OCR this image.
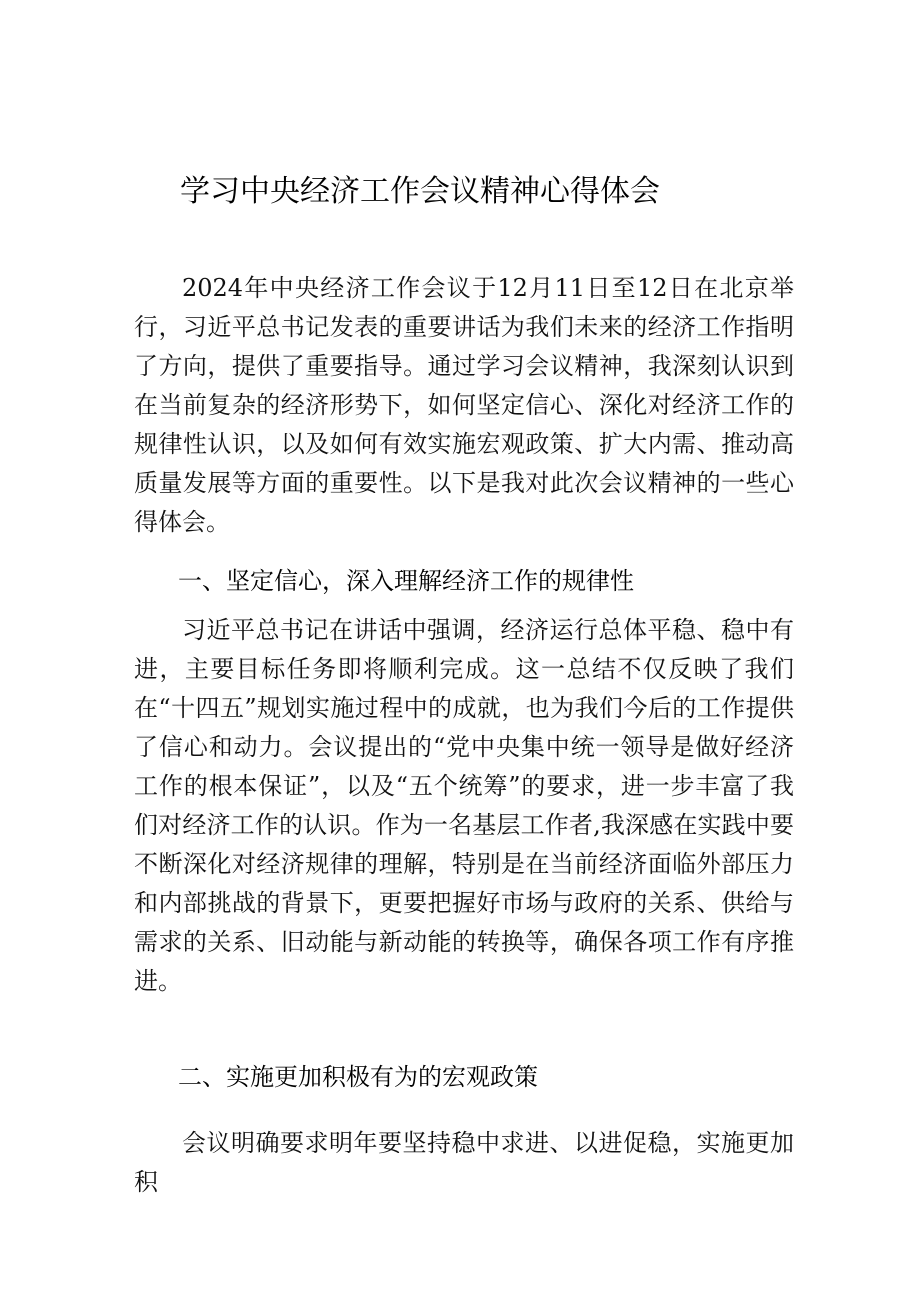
学习中央经济工作会议精神心得体会

2024年中央经济工作会议于12月11日至12日在北京举行，习近平总书记发表的重要讲话为我们未来的经济工作指明了方向，提供了重要指导。通过学习会议精神，我深刻认识到在当前复杂的经济形势下，如何坚定信心、深化对经济工作的规律性认识，以及如何有效实施宏观政策、扩大内需、推动高质量发展等方面的重要性。以下是我对此次会议精神的一些心得体会。

一、坚定信心，深入理解经济工作的规律性

习近平总书记在讲话中强调，经济运行总体平稳、稳中有进，主要目标任务即将顺利完成。这一总结不仅反映了我们在“十四五”规划实施过程中的成就，也为我们今后的工作提供了信心和动力。会议提出的“党中央集中统一领导是做好经济工作的根本保证”，以及“五个统筹”的要求，进一步丰富了我们对经济工作的认识。作为一名基层工作者,我深感在实践中要不断深化对经济规律的理解，特别是在当前经济面临外部压力和内部挑战的背景下，更要把握好市场与政府的关系、供给与需求的关系、旧动能与新动能的转换等，确保各项工作有序推进。

二、实施更加积极有为的宏观政策

会议明确要求明年要坚持稳中求进、以进促稳，实施更加积
